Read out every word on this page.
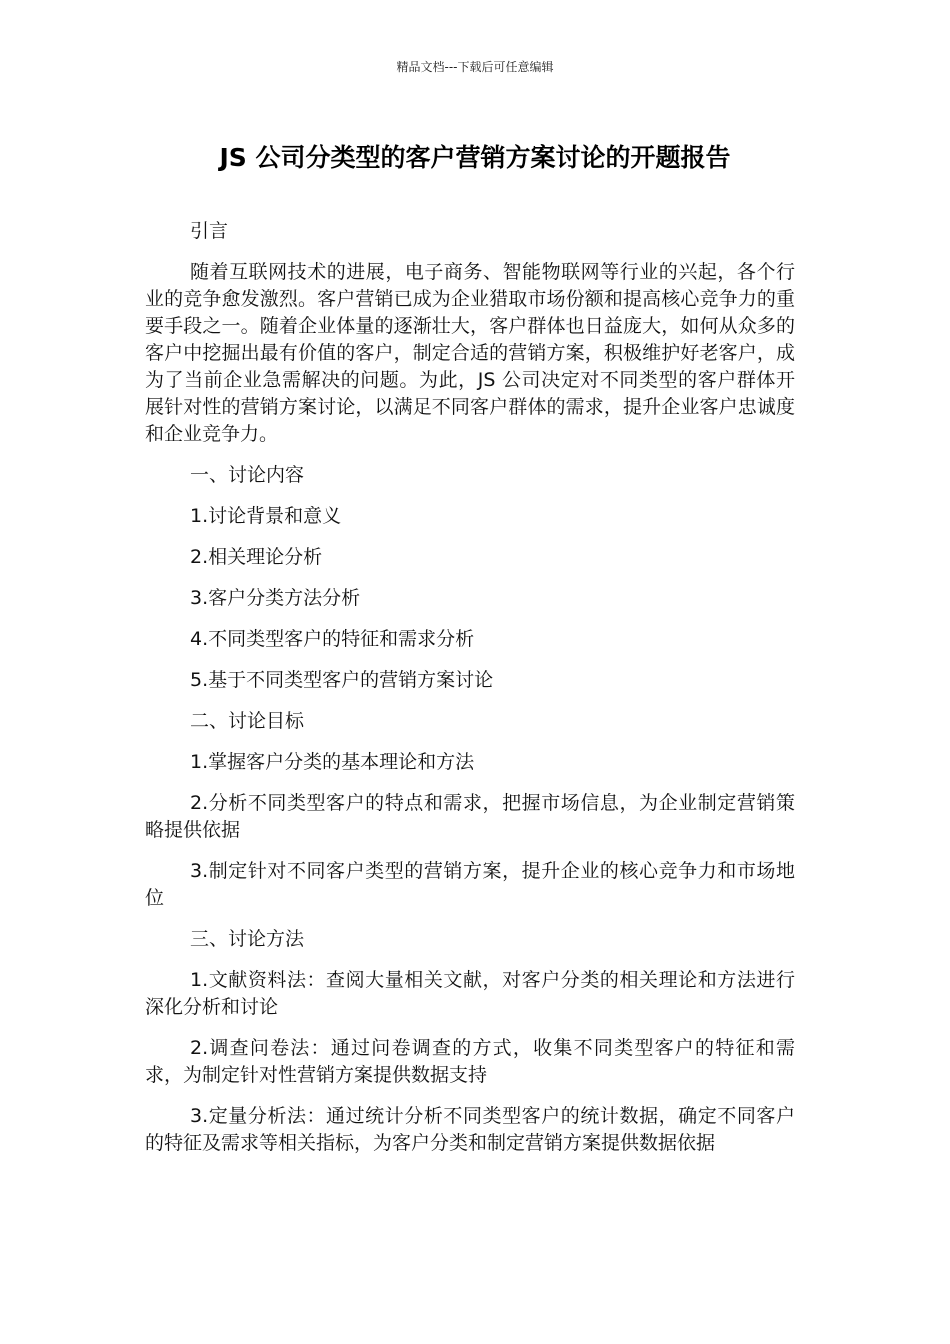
精品文档---下载后可任意编辑
JS 公司分类型的客户营销方案讨论的开题报告

引言

随着互联网技术的进展，电子商务、智能物联网等行业的兴起，各个行业的竞争愈发激烈。客户营销已成为企业猎取市场份额和提高核心竞争力的重要手段之一。随着企业体量的逐渐壮大，客户群体也日益庞大，如何从众多的客户中挖掘出最有价值的客户，制定合适的营销方案，积极维护好老客户，成为了当前企业急需解决的问题。为此，JS 公司决定对不同类型的客户群体开展针对性的营销方案讨论，以满足不同客户群体的需求，提升企业客户忠诚度和企业竞争力。

一、讨论内容

1.讨论背景和意义

2.相关理论分析

3.客户分类方法分析

4.不同类型客户的特征和需求分析

5.基于不同类型客户的营销方案讨论

二、讨论目标

1.掌握客户分类的基本理论和方法

2.分析不同类型客户的特点和需求，把握市场信息，为企业制定营销策略提供依据

3.制定针对不同客户类型的营销方案，提升企业的核心竞争力和市场地位

三、讨论方法

1.文献资料法：查阅大量相关文献，对客户分类的相关理论和方法进行深化分析和讨论

2.调查问卷法：通过问卷调查的方式，收集不同类型客户的特征和需求，为制定针对性营销方案提供数据支持

3.定量分析法：通过统计分析不同类型客户的统计数据，确定不同客户的特征及需求等相关指标，为客户分类和制定营销方案提供数据依据
